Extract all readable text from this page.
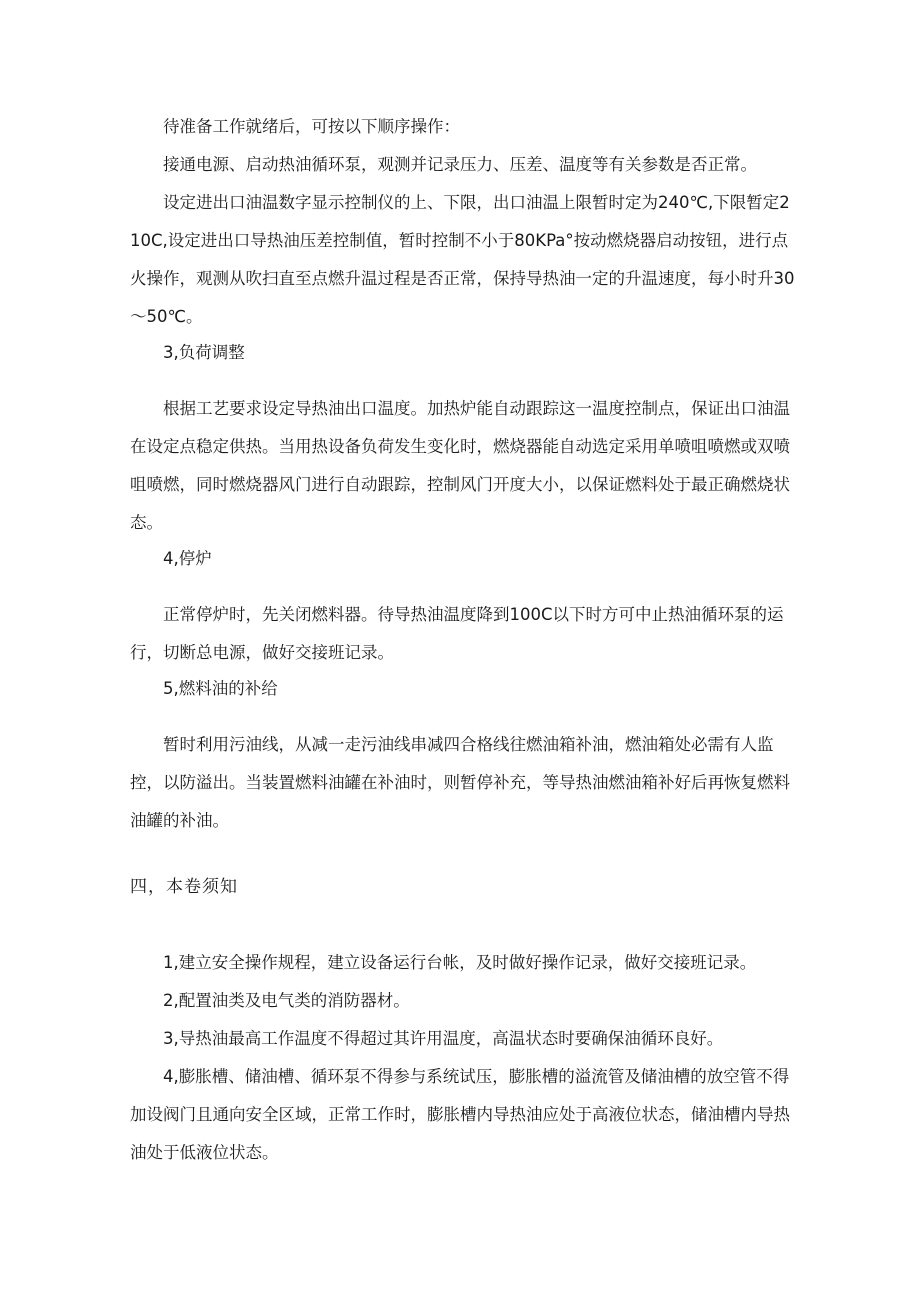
待准备工作就绪后，可按以下顺序操作：

接通电源、启动热油循环泵，观测并记录压力、压差、温度等有关参数是否正常。

设定进出口油温数字显示控制仪的上、下限，出口油温上限暂时定为240℃,下限暂定210C,设定进出口导热油压差控制值，暂时控制不小于80KPa°按动燃烧器启动按钮，进行点火操作，观测从吹扫直至点燃升温过程是否正常，保持导热油一定的升温速度，每小时升30～50℃。

3,负荷调整

根据工艺要求设定导热油出口温度。加热炉能自动跟踪这一温度控制点，保证出口油温在设定点稳定供热。当用热设备负荷发生变化时，燃烧器能自动选定采用单喷咀喷燃或双喷咀喷燃，同时燃烧器风门进行自动跟踪，控制风门开度大小，以保证燃料处于最正确燃烧状态。

4,停炉

正常停炉时，先关闭燃料器。待导热油温度降到100C以下时方可中止热油循环泵的运行，切断总电源，做好交接班记录。

5,燃料油的补给

暂时利用污油线，从减一走污油线串减四合格线往燃油箱补油，燃油箱处必需有人监控，以防溢出。当装置燃料油罐在补油时，则暂停补充，等导热油燃油箱补好后再恢复燃料油罐的补油。

四，本卷须知

1,建立安全操作规程，建立设备运行台帐，及时做好操作记录，做好交接班记录。

2,配置油类及电气类的消防器材。

3,导热油最高工作温度不得超过其许用温度，高温状态时要确保油循环良好。

4,膨胀槽、储油槽、循环泵不得参与系统试压，膨胀槽的溢流管及储油槽的放空管不得加设阀门且通向安全区域，正常工作时，膨胀槽内导热油应处于高液位状态，储油槽内导热油处于低液位状态。
